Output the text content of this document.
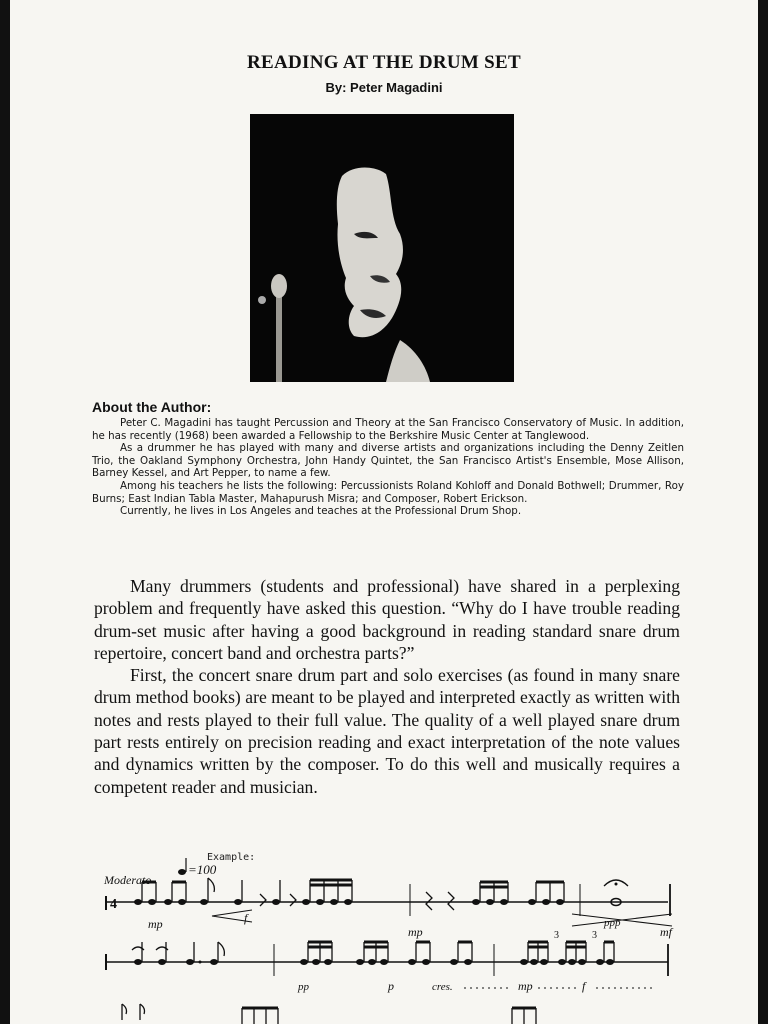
READING AT THE DRUM SET
By: Peter Magadini
About the Author:

Peter C. Magadini has taught Percussion and Theory at the San Francisco Conservatory of Music. In addition, he has recently (1968) been awarded a Fellowship to the Berkshire Music Center at Tanglewood.

As a drummer he has played with many and diverse artists and organizations including the Denny Zeitlen Trio, the Oakland Symphony Orchestra, John Handy Quintet, the San Francisco Artist's Ensemble, Mose Allison, Barney Kessel, and Art Pepper, to name a few.

Among his teachers he lists the following: Percussionists Roland Kohloff and Donald Bothwell; Drummer, Roy Burns; East Indian Tabla Master, Mahapurush Misra; and Composer, Robert Erickson.

Currently, he lives in Los Angeles and teaches at the Professional Drum Shop.

Many drummers (students and professional) have shared in a perplexing problem and frequently have asked this question. “Why do I have trouble reading drum-set music after having a good background in reading standard snare drum repertoire, concert band and orchestra parts?”

First, the concert snare drum part and solo exercises (as found in many snare drum method books) are meant to be played and interpreted exactly as written with notes and rests played to their full value. The quality of a well played snare drum part rests entirely on precision reading and exact interpretation of the note values and dynamics written by the composer. To do this well and musically requires a competent reader and musician.

Example:
Moderato
=100
4
mp	f
mp	mf
ppp
3	3
pp	p	cres.	mp	f
